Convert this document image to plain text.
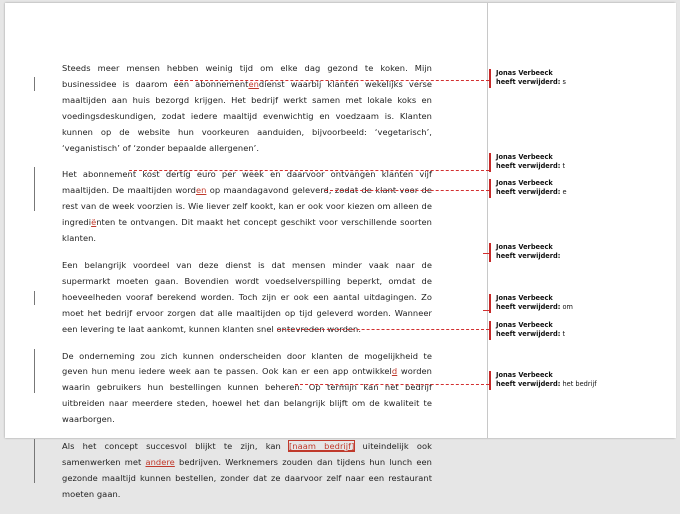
Steeds meer mensen hebben weinig tijd om elke dag gezond te koken. Mijn businessidee is daarom een abonnementendienst waarbij klanten wekelijks verse maaltijden aan huis bezorgd krijgen. Het bedrijf werkt samen met lokale koks en voedingsdeskundigen, zodat iedere maaltijd evenwichtig en voedzaam is. Klanten kunnen op de website hun voorkeuren aanduiden, bijvoorbeeld: ‘vegetarisch’, ‘veganistisch’ of ‘zonder bepaalde allergenen’.

Het abonnement kost dertig euro per week en daarvoor ontvangen klanten vijf maaltijden. De maaltijden worden op maandagavond geleverd, zodat de klant voor de rest van de week voorzien is. Wie liever zelf kookt, kan er ook voor kiezen om alleen de ingrediënten te ontvangen. Dit maakt het concept geschikt voor verschillende soorten klanten.

Een belangrijk voordeel van deze dienst is dat mensen minder vaak naar de supermarkt moeten gaan. Bovendien wordt voedselverspilling beperkt, omdat de hoeveelheden vooraf berekend worden. Toch zijn er ook een aantal uitdagingen. Zo moet het bedrijf ervoor zorgen dat alle maaltijden op tijd geleverd worden. Wanneer een levering te laat aankomt, kunnen klanten snel ontevreden worden.

De onderneming zou zich kunnen onderscheiden door klanten de mogelijkheid te geven hun menu iedere week aan te passen. Ook kan er een app ontwikkeld worden waarin gebruikers hun bestellingen kunnen beheren. Op termijn kan het bedrijf uitbreiden naar meerdere steden, hoewel het dan belangrijk blijft om de kwaliteit te waarborgen.

Als het concept succesvol blijkt te zijn, kan [naam bedrijf] uiteindelijk ook samenwerken met andere bedrijven. Werknemers zouden dan tijdens hun lunch een gezonde maaltijd kunnen bestellen, zonder dat ze daarvoor zelf naar een restaurant moeten gaan.

Jonas Verbeeck
heeft verwijderd: s
Jonas Verbeeck
heeft verwijderd: t
Jonas Verbeeck
heeft verwijderd: e
Jonas Verbeeck
heeft verwijderd:
Jonas Verbeeck
heeft verwijderd: om
Jonas Verbeeck
heeft verwijderd: t
Jonas Verbeeck
heeft verwijderd: het bedrijf
